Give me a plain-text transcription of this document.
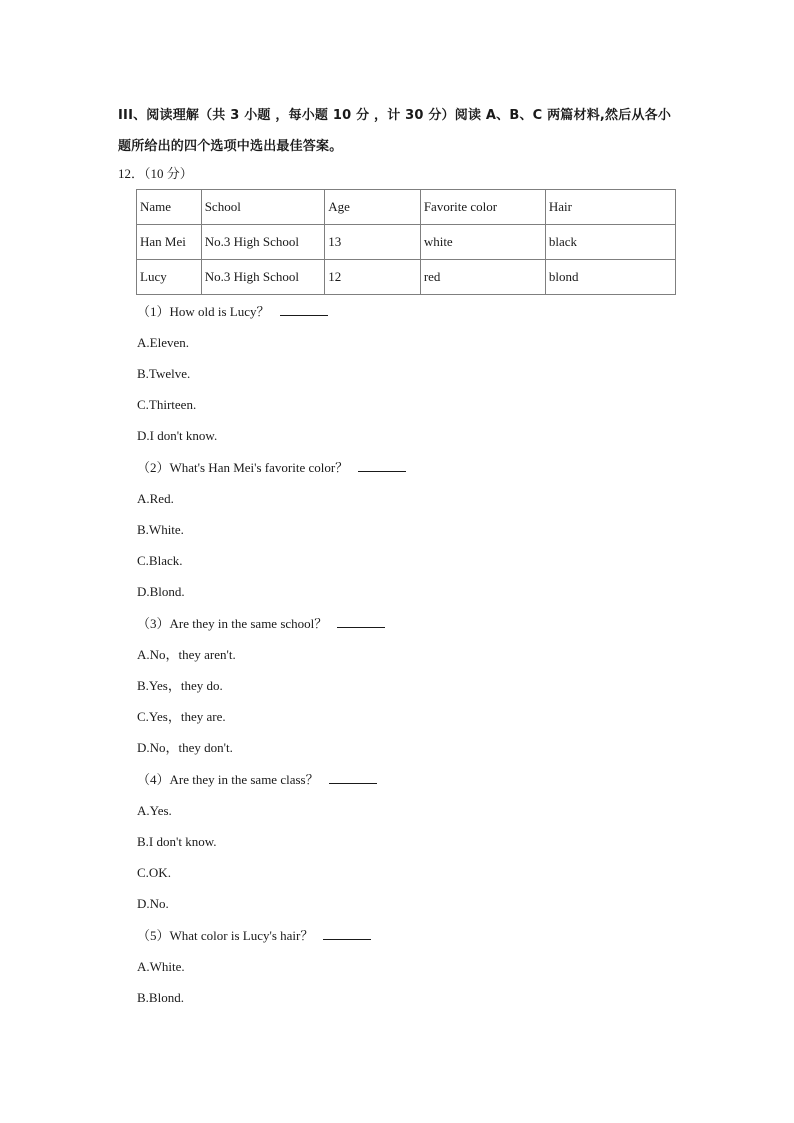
III、阅读理解（共 3 小题 ，每小题 10 分 ，计 30 分）阅读 A、B、C 两篇材料,然后从各小
题所给出的四个选项中选出最佳答案。
12．（10 分）
Name	School	Age	Favorite color	Hair
Han Mei	No.3 High School	13	white	black
Lucy	No.3 High School	12	red	blond
（1）How old is Lucy？
A.Eleven.
B.Twelve.
C.Thirteen.
D.I don't know.
（2）What's Han Mei's favorite color？
A.Red.
B.White.
C.Black.
D.Blond.
（3）Are they in the same school？
A.No，they aren't.
B.Yes，they do.
C.Yes，they are.
D.No，they don't.
（4）Are they in the same class？
A.Yes.
B.I don't know.
C.OK.
D.No.
（5）What color is Lucy's hair？
A.White.
B.Blond.
